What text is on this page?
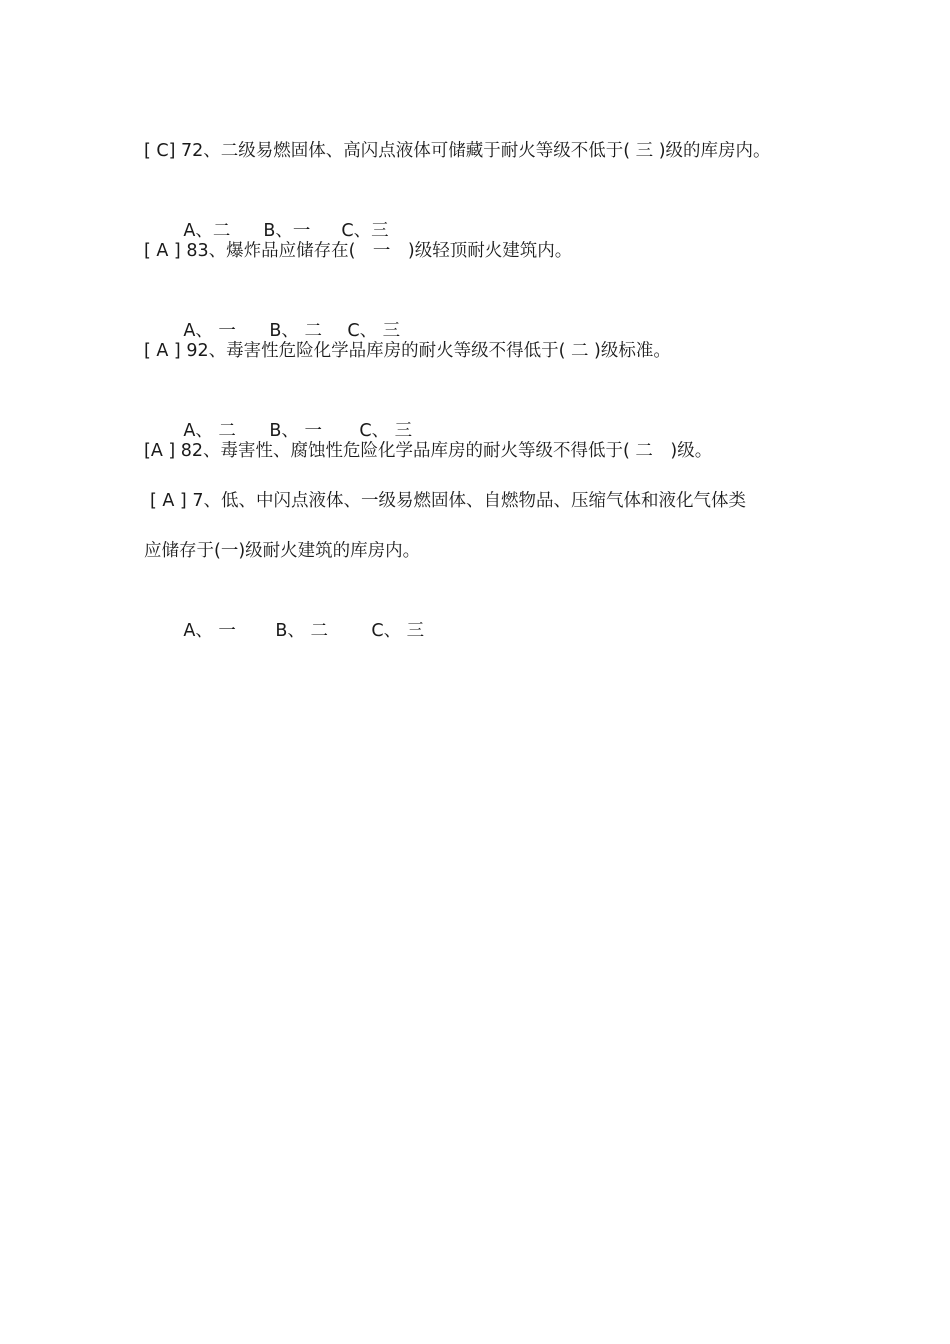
[ C] 72、二级易燃固体、高闪点液体可储藏于耐火等级不低于( 三 )级的库房内。

A、二 B、一 C、三

[ A ] 83、爆炸品应储存在(　一　)级轻顶耐火建筑内。

A、 一 B、 二 C、 三

[ A ] 92、毒害性危险化学品库房的耐火等级不得低于( 二 )级标准。

A、 二 B、 一 C、 三

[A ] 82、毒害性、腐蚀性危险化学品库房的耐火等级不得低于( 二　)级。
[ A ] 7、低、中闪点液体、一级易燃固体、自燃物品、压缩气体和液化气体类
应储存于(一)级耐火建筑的库房内。

A、 一 B、 二 C、 三
